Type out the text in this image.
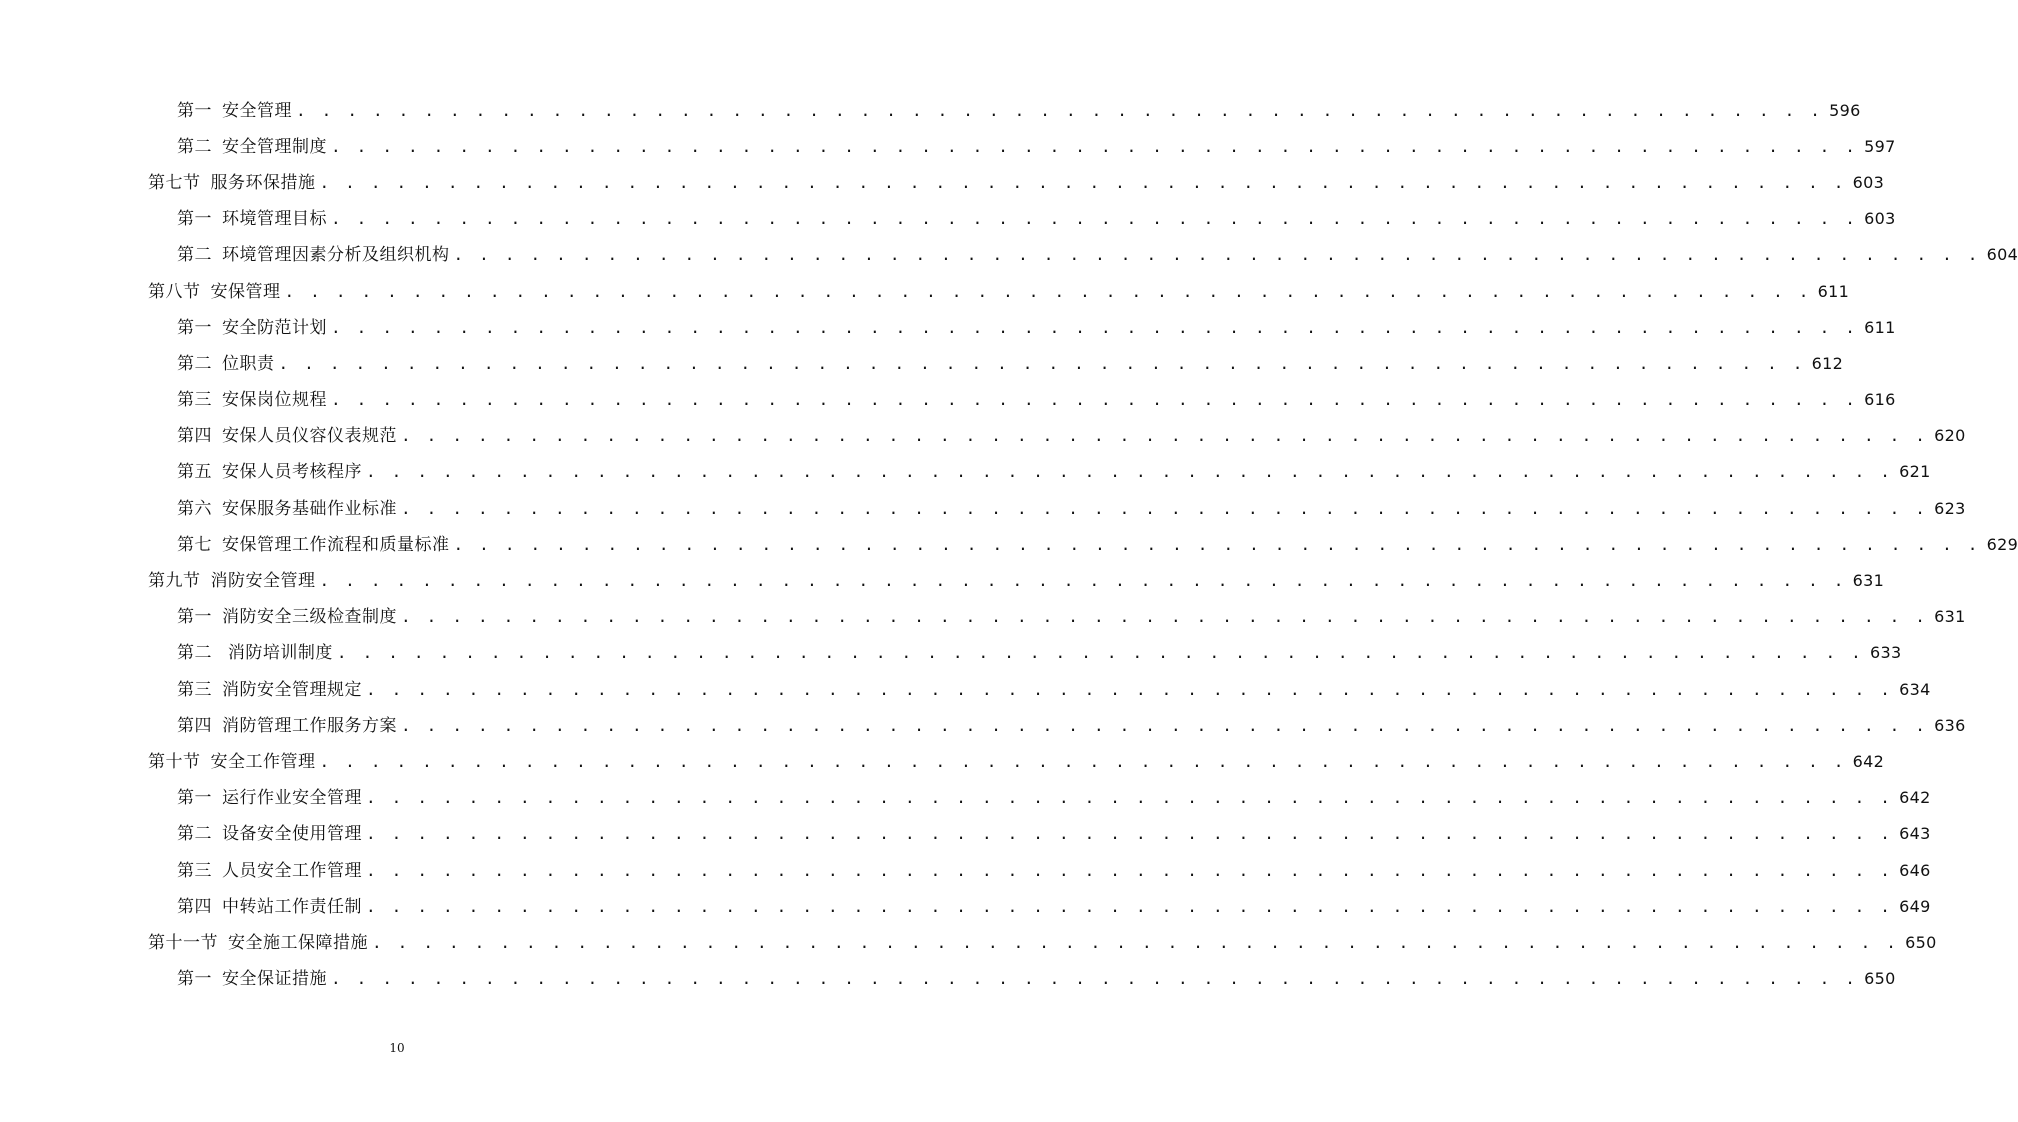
第一 安全管理 . . . . . . . . . . . . . . . . . . . . . . . . . . . . . . . . . . . . . . . . . . . . . . . . . . . . . . . . . . . . 596
第二 安全管理制度 . . . . . . . . . . . . . . . . . . . . . . . . . . . . . . . . . . . . . . . . . . . . . . . . . . . . . . . . . . . . 597
第七节 服务环保措施 . . . . . . . . . . . . . . . . . . . . . . . . . . . . . . . . . . . . . . . . . . . . . . . . . . . . . . . . . . . . 603
第一 环境管理目标 . . . . . . . . . . . . . . . . . . . . . . . . . . . . . . . . . . . . . . . . . . . . . . . . . . . . . . . . . . . . 603
第二 环境管理因素分析及组织机构 . . . . . . . . . . . . . . . . . . . . . . . . . . . . . . . . . . . . . . . . . . . . . . . . . . . . . . . . . . . . 604
第八节 安保管理 . . . . . . . . . . . . . . . . . . . . . . . . . . . . . . . . . . . . . . . . . . . . . . . . . . . . . . . . . . . . 611
第一 安全防范计划 . . . . . . . . . . . . . . . . . . . . . . . . . . . . . . . . . . . . . . . . . . . . . . . . . . . . . . . . . . . . 611
第二 位职责 . . . . . . . . . . . . . . . . . . . . . . . . . . . . . . . . . . . . . . . . . . . . . . . . . . . . . . . . . . . . 612
第三 安保岗位规程 . . . . . . . . . . . . . . . . . . . . . . . . . . . . . . . . . . . . . . . . . . . . . . . . . . . . . . . . . . . . 616
第四 安保人员仪容仪表规范 . . . . . . . . . . . . . . . . . . . . . . . . . . . . . . . . . . . . . . . . . . . . . . . . . . . . . . . . . . . . 620
第五 安保人员考核程序 . . . . . . . . . . . . . . . . . . . . . . . . . . . . . . . . . . . . . . . . . . . . . . . . . . . . . . . . . . . . 621
第六 安保服务基础作业标准 . . . . . . . . . . . . . . . . . . . . . . . . . . . . . . . . . . . . . . . . . . . . . . . . . . . . . . . . . . . . 623
第七 安保管理工作流程和质量标准 . . . . . . . . . . . . . . . . . . . . . . . . . . . . . . . . . . . . . . . . . . . . . . . . . . . . . . . . . . . . 629
第九节 消防安全管理 . . . . . . . . . . . . . . . . . . . . . . . . . . . . . . . . . . . . . . . . . . . . . . . . . . . . . . . . . . . . 631
第一 消防安全三级检查制度 . . . . . . . . . . . . . . . . . . . . . . . . . . . . . . . . . . . . . . . . . . . . . . . . . . . . . . . . . . . . 631
第二 消防培训制度 . . . . . . . . . . . . . . . . . . . . . . . . . . . . . . . . . . . . . . . . . . . . . . . . . . . . . . . . . . . . 633
第三 消防安全管理规定 . . . . . . . . . . . . . . . . . . . . . . . . . . . . . . . . . . . . . . . . . . . . . . . . . . . . . . . . . . . . 634
第四 消防管理工作服务方案 . . . . . . . . . . . . . . . . . . . . . . . . . . . . . . . . . . . . . . . . . . . . . . . . . . . . . . . . . . . . 636
第十节 安全工作管理 . . . . . . . . . . . . . . . . . . . . . . . . . . . . . . . . . . . . . . . . . . . . . . . . . . . . . . . . . . . . 642
第一 运行作业安全管理 . . . . . . . . . . . . . . . . . . . . . . . . . . . . . . . . . . . . . . . . . . . . . . . . . . . . . . . . . . . . 642
第二 设备安全使用管理 . . . . . . . . . . . . . . . . . . . . . . . . . . . . . . . . . . . . . . . . . . . . . . . . . . . . . . . . . . . . 643
第三 人员安全工作管理 . . . . . . . . . . . . . . . . . . . . . . . . . . . . . . . . . . . . . . . . . . . . . . . . . . . . . . . . . . . . 646
第四 中转站工作责任制 . . . . . . . . . . . . . . . . . . . . . . . . . . . . . . . . . . . . . . . . . . . . . . . . . . . . . . . . . . . . 649
第十一节 安全施工保障措施 . . . . . . . . . . . . . . . . . . . . . . . . . . . . . . . . . . . . . . . . . . . . . . . . . . . . . . . . . . . . 650
第一 安全保证措施 . . . . . . . . . . . . . . . . . . . . . . . . . . . . . . . . . . . . . . . . . . . . . . . . . . . . . . . . . . . . 650
10
